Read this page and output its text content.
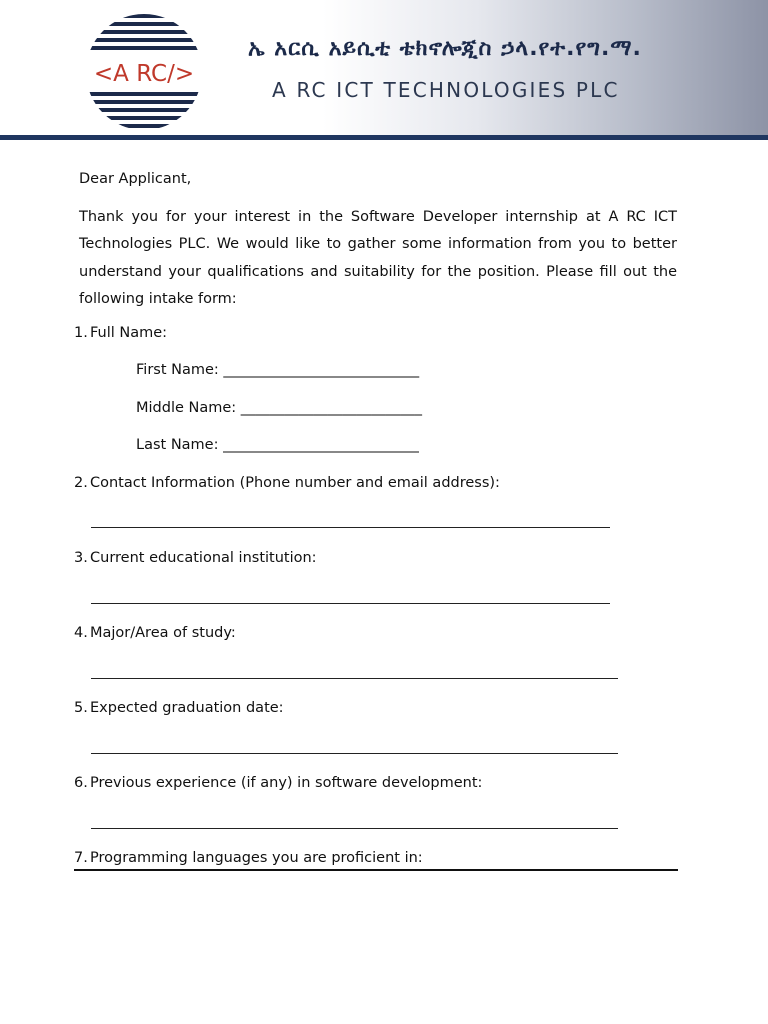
<A RC/>
ኤ አርሲ አይሲቲ ቴክኖሎጂስ ኃላ.የተ.የግ.ማ.
A RC ICT TECHNOLOGIES PLC

Dear Applicant,

Thank you for your interest in the Software Developer internship at A RC ICT Technologies PLC. We would like to gather some information from you to better understand your qualifications and suitability for the position. Please fill out the following intake form:

1. Full Name:
First Name: ___________________________
Middle Name: _________________________
Last Name: ___________________________
2. Contact Information (Phone number and email address):
3. Current educational institution:
4. Major/Area of study:
5. Expected graduation date:
6. Previous experience (if any) in software development:
7. Programming languages you are proficient in:
